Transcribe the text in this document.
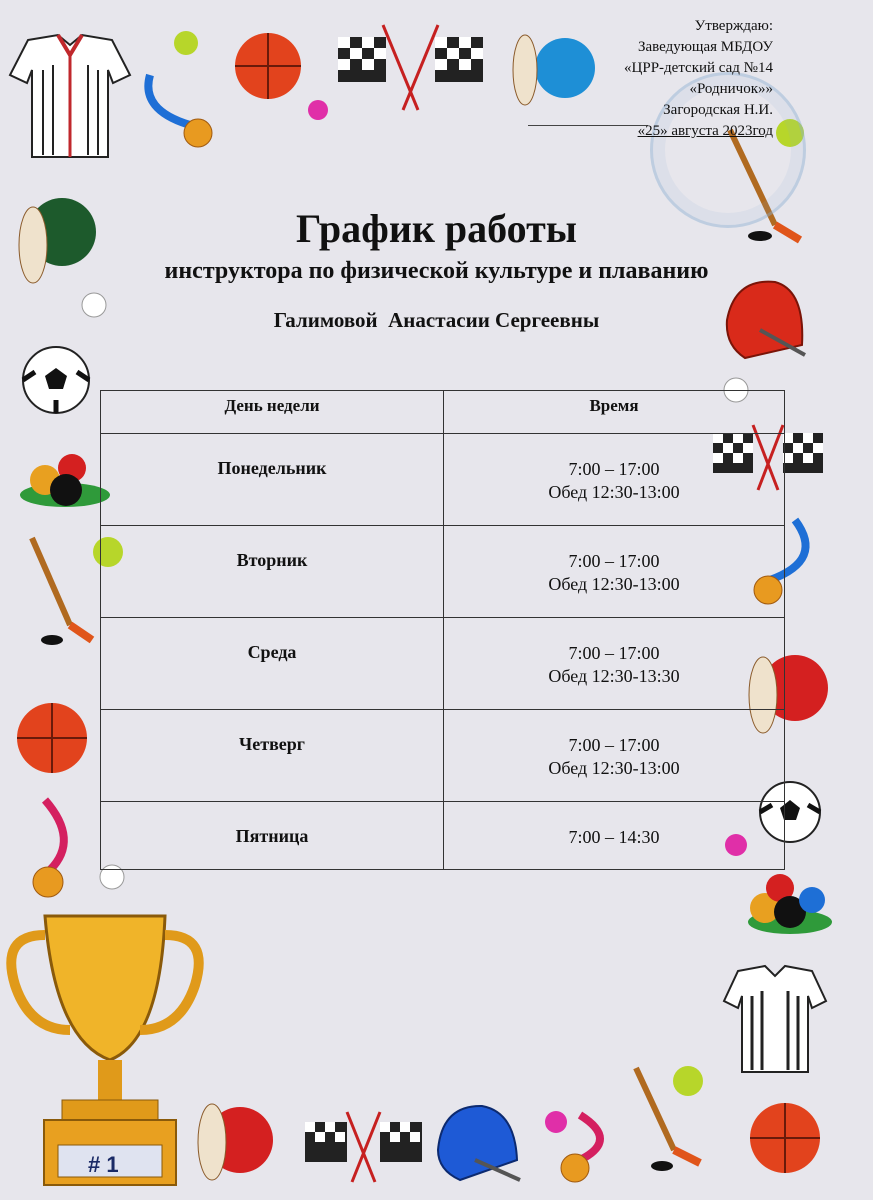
Утверждаю:
Заведующая МБДОУ
«ЦРР-детский сад №14
«Родничок»»
Загородская Н.И.
«25» августа 2023год
График работы
инструктора по физической культуре и плаванию
Галимовой  Анастасии Сергеевны
День недели	Время

Понедельник	7:00 – 17:00
Обед 12:30-13:00

Вторник	7:00 – 17:00
Обед 12:30-13:00

Среда	7:00 – 17:00
Обед 12:30-13:30

Четверг	7:00 – 17:00
Обед 12:30-13:00

Пятница	7:00 – 14:30
# 1
